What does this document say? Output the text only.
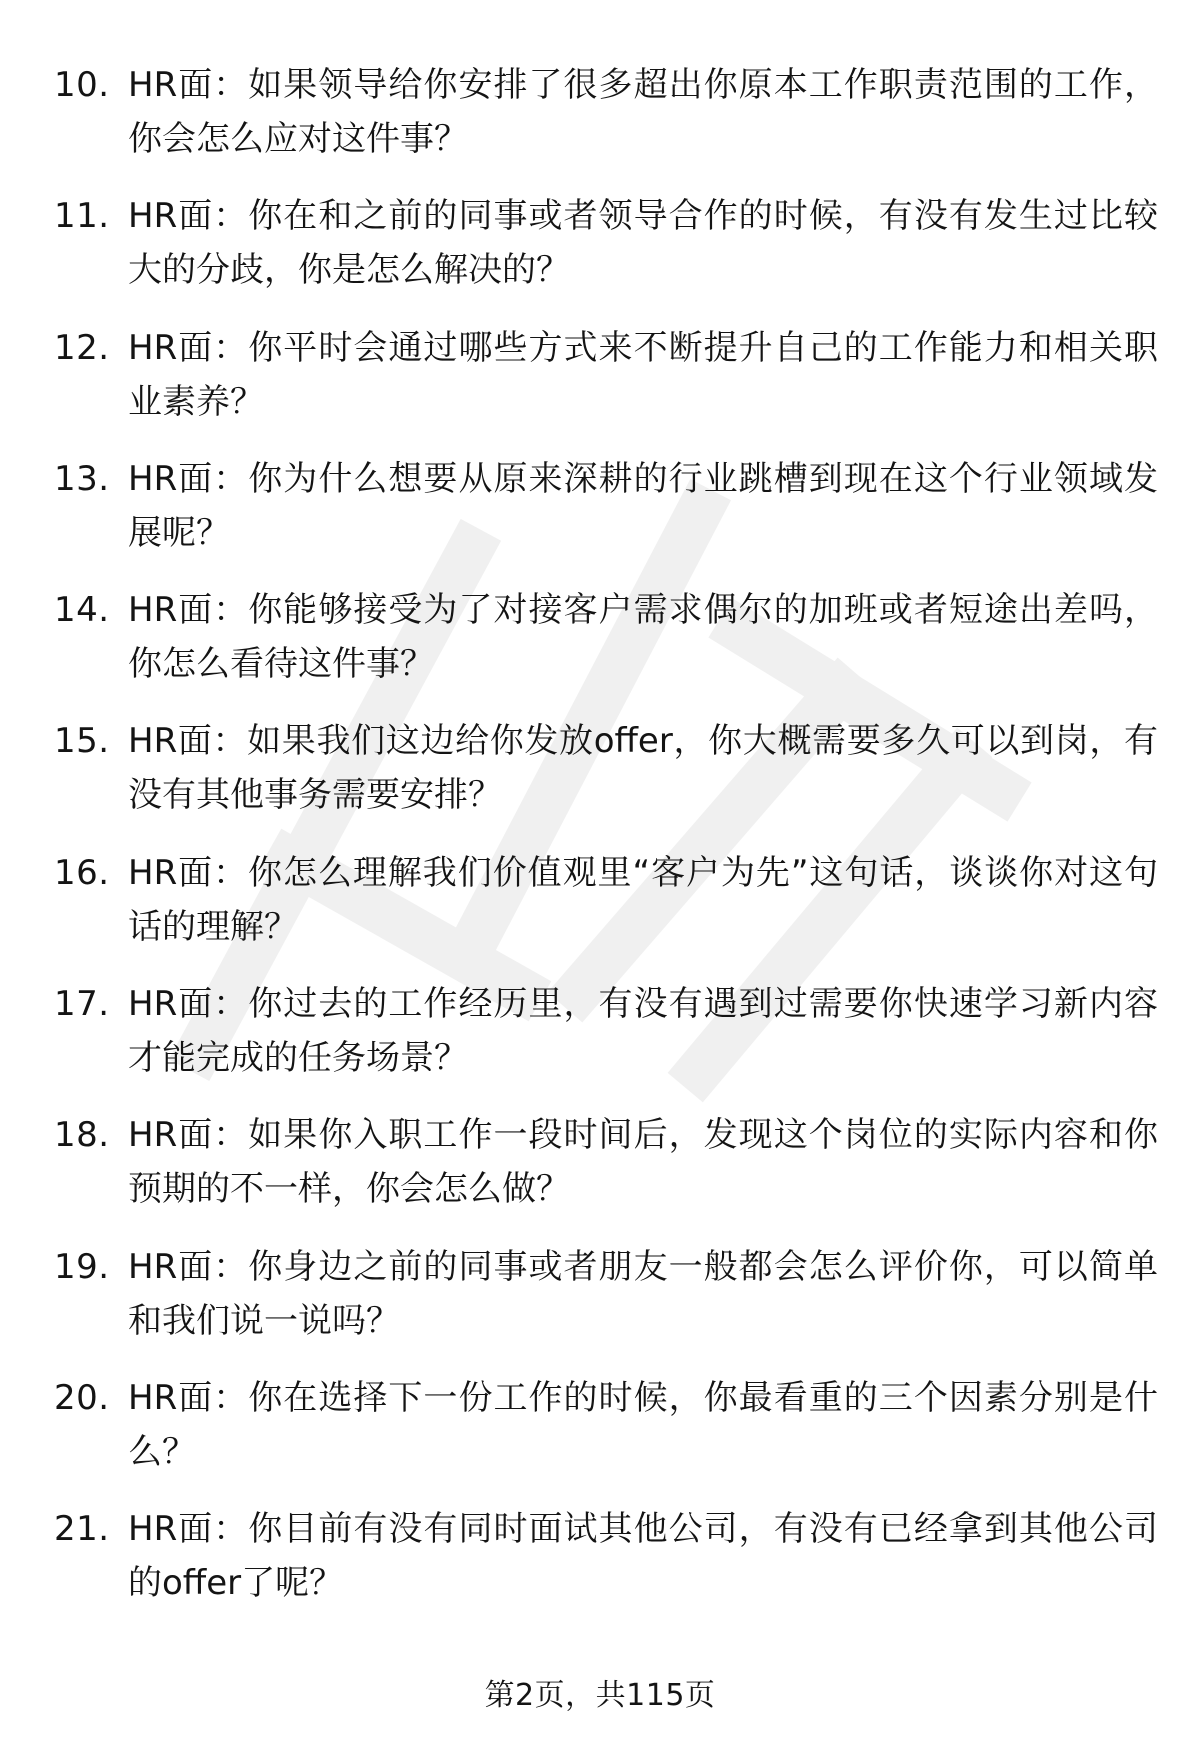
10. HR面：如果领导给你安排了很多超出你原本工作职责范围的工作，你会怎么应对这件事？
11. HR面：你在和之前的同事或者领导合作的时候，有没有发生过比较大的分歧，你是怎么解决的？
12. HR面：你平时会通过哪些方式来不断提升自己的工作能力和相关职业素养？
13. HR面：你为什么想要从原来深耕的行业跳槽到现在这个行业领域发展呢？
14. HR面：你能够接受为了对接客户需求偶尔的加班或者短途出差吗，你怎么看待这件事？
15. HR面：如果我们这边给你发放offer，你大概需要多久可以到岗，有没有其他事务需要安排？
16. HR面：你怎么理解我们价值观里“客户为先”这句话，谈谈你对这句话的理解？
17. HR面：你过去的工作经历里，有没有遇到过需要你快速学习新内容才能完成的任务场景？
18. HR面：如果你入职工作一段时间后，发现这个岗位的实际内容和你预期的不一样，你会怎么做？
19. HR面：你身边之前的同事或者朋友一般都会怎么评价你，可以简单和我们说一说吗？
20. HR面：你在选择下一份工作的时候，你最看重的三个因素分别是什么？
21. HR面：你目前有没有同时面试其他公司，有没有已经拿到其他公司的offer了呢？
第2页，共115页
